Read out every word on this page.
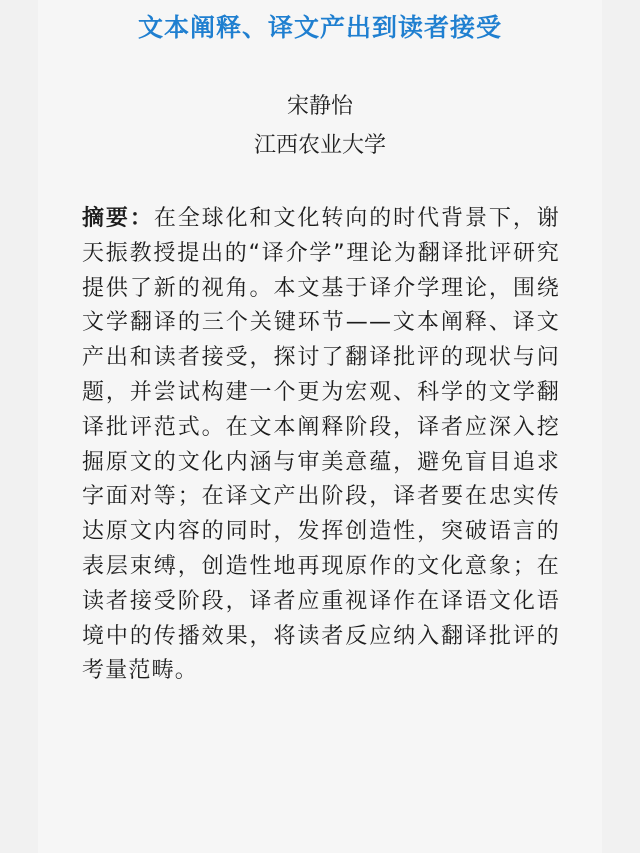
文本阐释、译文产出到读者接受
宋静怡
江西农业大学
摘要：在全球化和文化转向的时代背景下，谢天振教授提出的“译介学”理论为翻译批评研究提供了新的视角。本文基于译介学理论，围绕文学翻译的三个关键环节——文本阐释、译文产出和读者接受，探讨了翻译批评的现状与问题，并尝试构建一个更为宏观、科学的文学翻译批评范式。在文本阐释阶段，译者应深入挖掘原文的文化内涵与审美意蕴，避免盲目追求字面对等；在译文产出阶段，译者要在忠实传达原文内容的同时，发挥创造性，突破语言的表层束缚，创造性地再现原作的文化意象；在读者接受阶段，译者应重视译作在译语文化语境中的传播效果，将读者反应纳入翻译批评的考量范畴。
